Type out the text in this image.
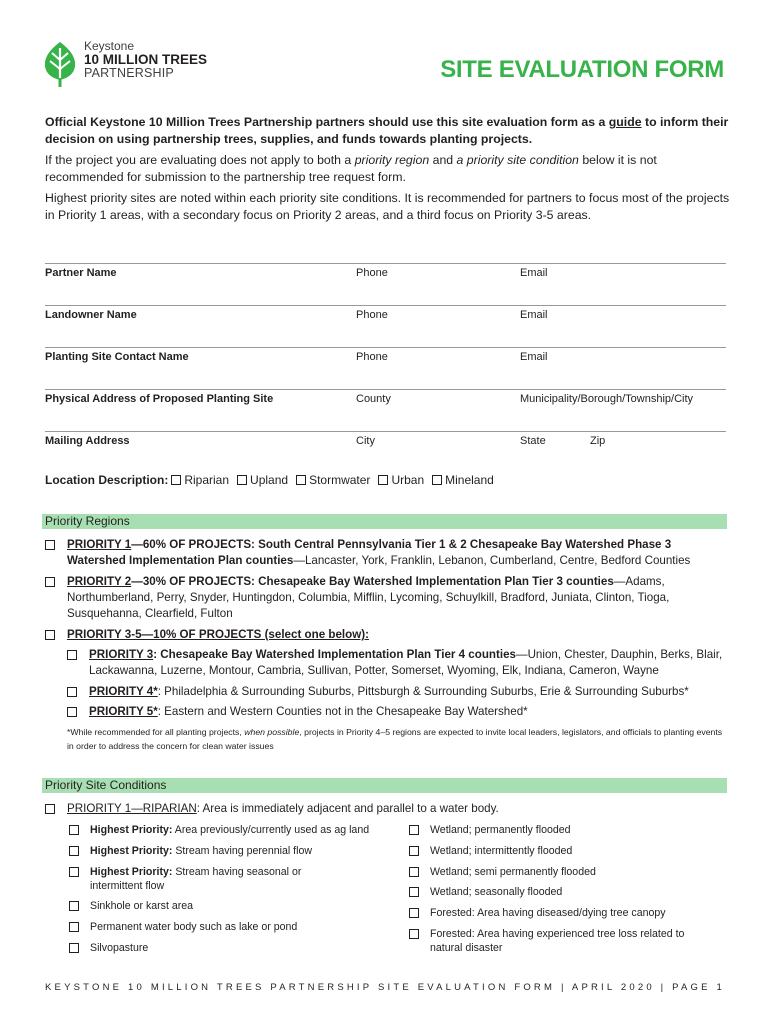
Keystone
10 MILLION TREES
PARTNERSHIP	SITE EVALUATION FORM

Official Keystone 10 Million Trees Partnership partners should use this site evaluation form as a guide to inform their decision on using partnership trees, supplies, and funds towards planting projects.

If the project you are evaluating does not apply to both a priority region and a priority site condition below it is not recommended for submission to the partnership tree request form.

Highest priority sites are noted within each priority site conditions. It is recommended for partners to focus most of the projects in Priority 1 areas, with a secondary focus on Priority 2 areas, and a third focus on Priority 3-5 areas.

Partner Name	Phone	Email
Landowner Name	Phone	Email
Planting Site Contact Name	Phone	Email
Physical Address of Proposed Planting Site	County	Municipality/Borough/Township/City
Mailing Address	City	State	Zip
Location Description: Riparian Upland Stormwater Urban Mineland
Priority Regions
PRIORITY 1—60% OF PROJECTS: South Central Pennsylvania Tier 1 & 2 Chesapeake Bay Watershed Phase 3 Watershed Implementation Plan counties—Lancaster, York, Franklin, Lebanon, Cumberland, Centre, Bedford Counties
PRIORITY 2—30% OF PROJECTS: Chesapeake Bay Watershed Implementation Plan Tier 3 counties—Adams, Northumberland, Perry, Snyder, Huntingdon, Columbia, Mifflin, Lycoming, Schuylkill, Bradford, Juniata, Clinton, Tioga, Susquehanna, Clearfield, Fulton
PRIORITY 3-5—10% OF PROJECTS (select one below):
PRIORITY 3: Chesapeake Bay Watershed Implementation Plan Tier 4 counties—Union, Chester, Dauphin, Berks, Blair, Lackawanna, Luzerne, Montour, Cambria, Sullivan, Potter, Somerset, Wyoming, Elk, Indiana, Cameron, Wayne
PRIORITY 4*: Philadelphia & Surrounding Suburbs, Pittsburgh & Surrounding Suburbs, Erie & Surrounding Suburbs*
PRIORITY 5*: Eastern and Western Counties not in the Chesapeake Bay Watershed*
*While recommended for all planting projects, when possible, projects in Priority 4–5 regions are expected to invite local leaders, legislators, and officials to planting events in order to address the concern for clean water issues
Priority Site Conditions
PRIORITY 1—RIPARIAN: Area is immediately adjacent and parallel to a water body.
Highest Priority: Area previously/currently used as ag land
Highest Priority: Stream having perennial flow
Highest Priority: Stream having seasonal or intermittent flow
Sinkhole or karst area
Permanent water body such as lake or pond
Silvopasture
Wetland; permanently flooded
Wetland; intermittently flooded
Wetland; semi permanently flooded
Wetland; seasonally flooded
Forested: Area having diseased/dying tree canopy
Forested: Area having experienced tree loss related to natural disaster
KEYSTONE 10 MILLION TREES PARTNERSHIP SITE EVALUATION FORM | APRIL 2020 | PAGE 1
